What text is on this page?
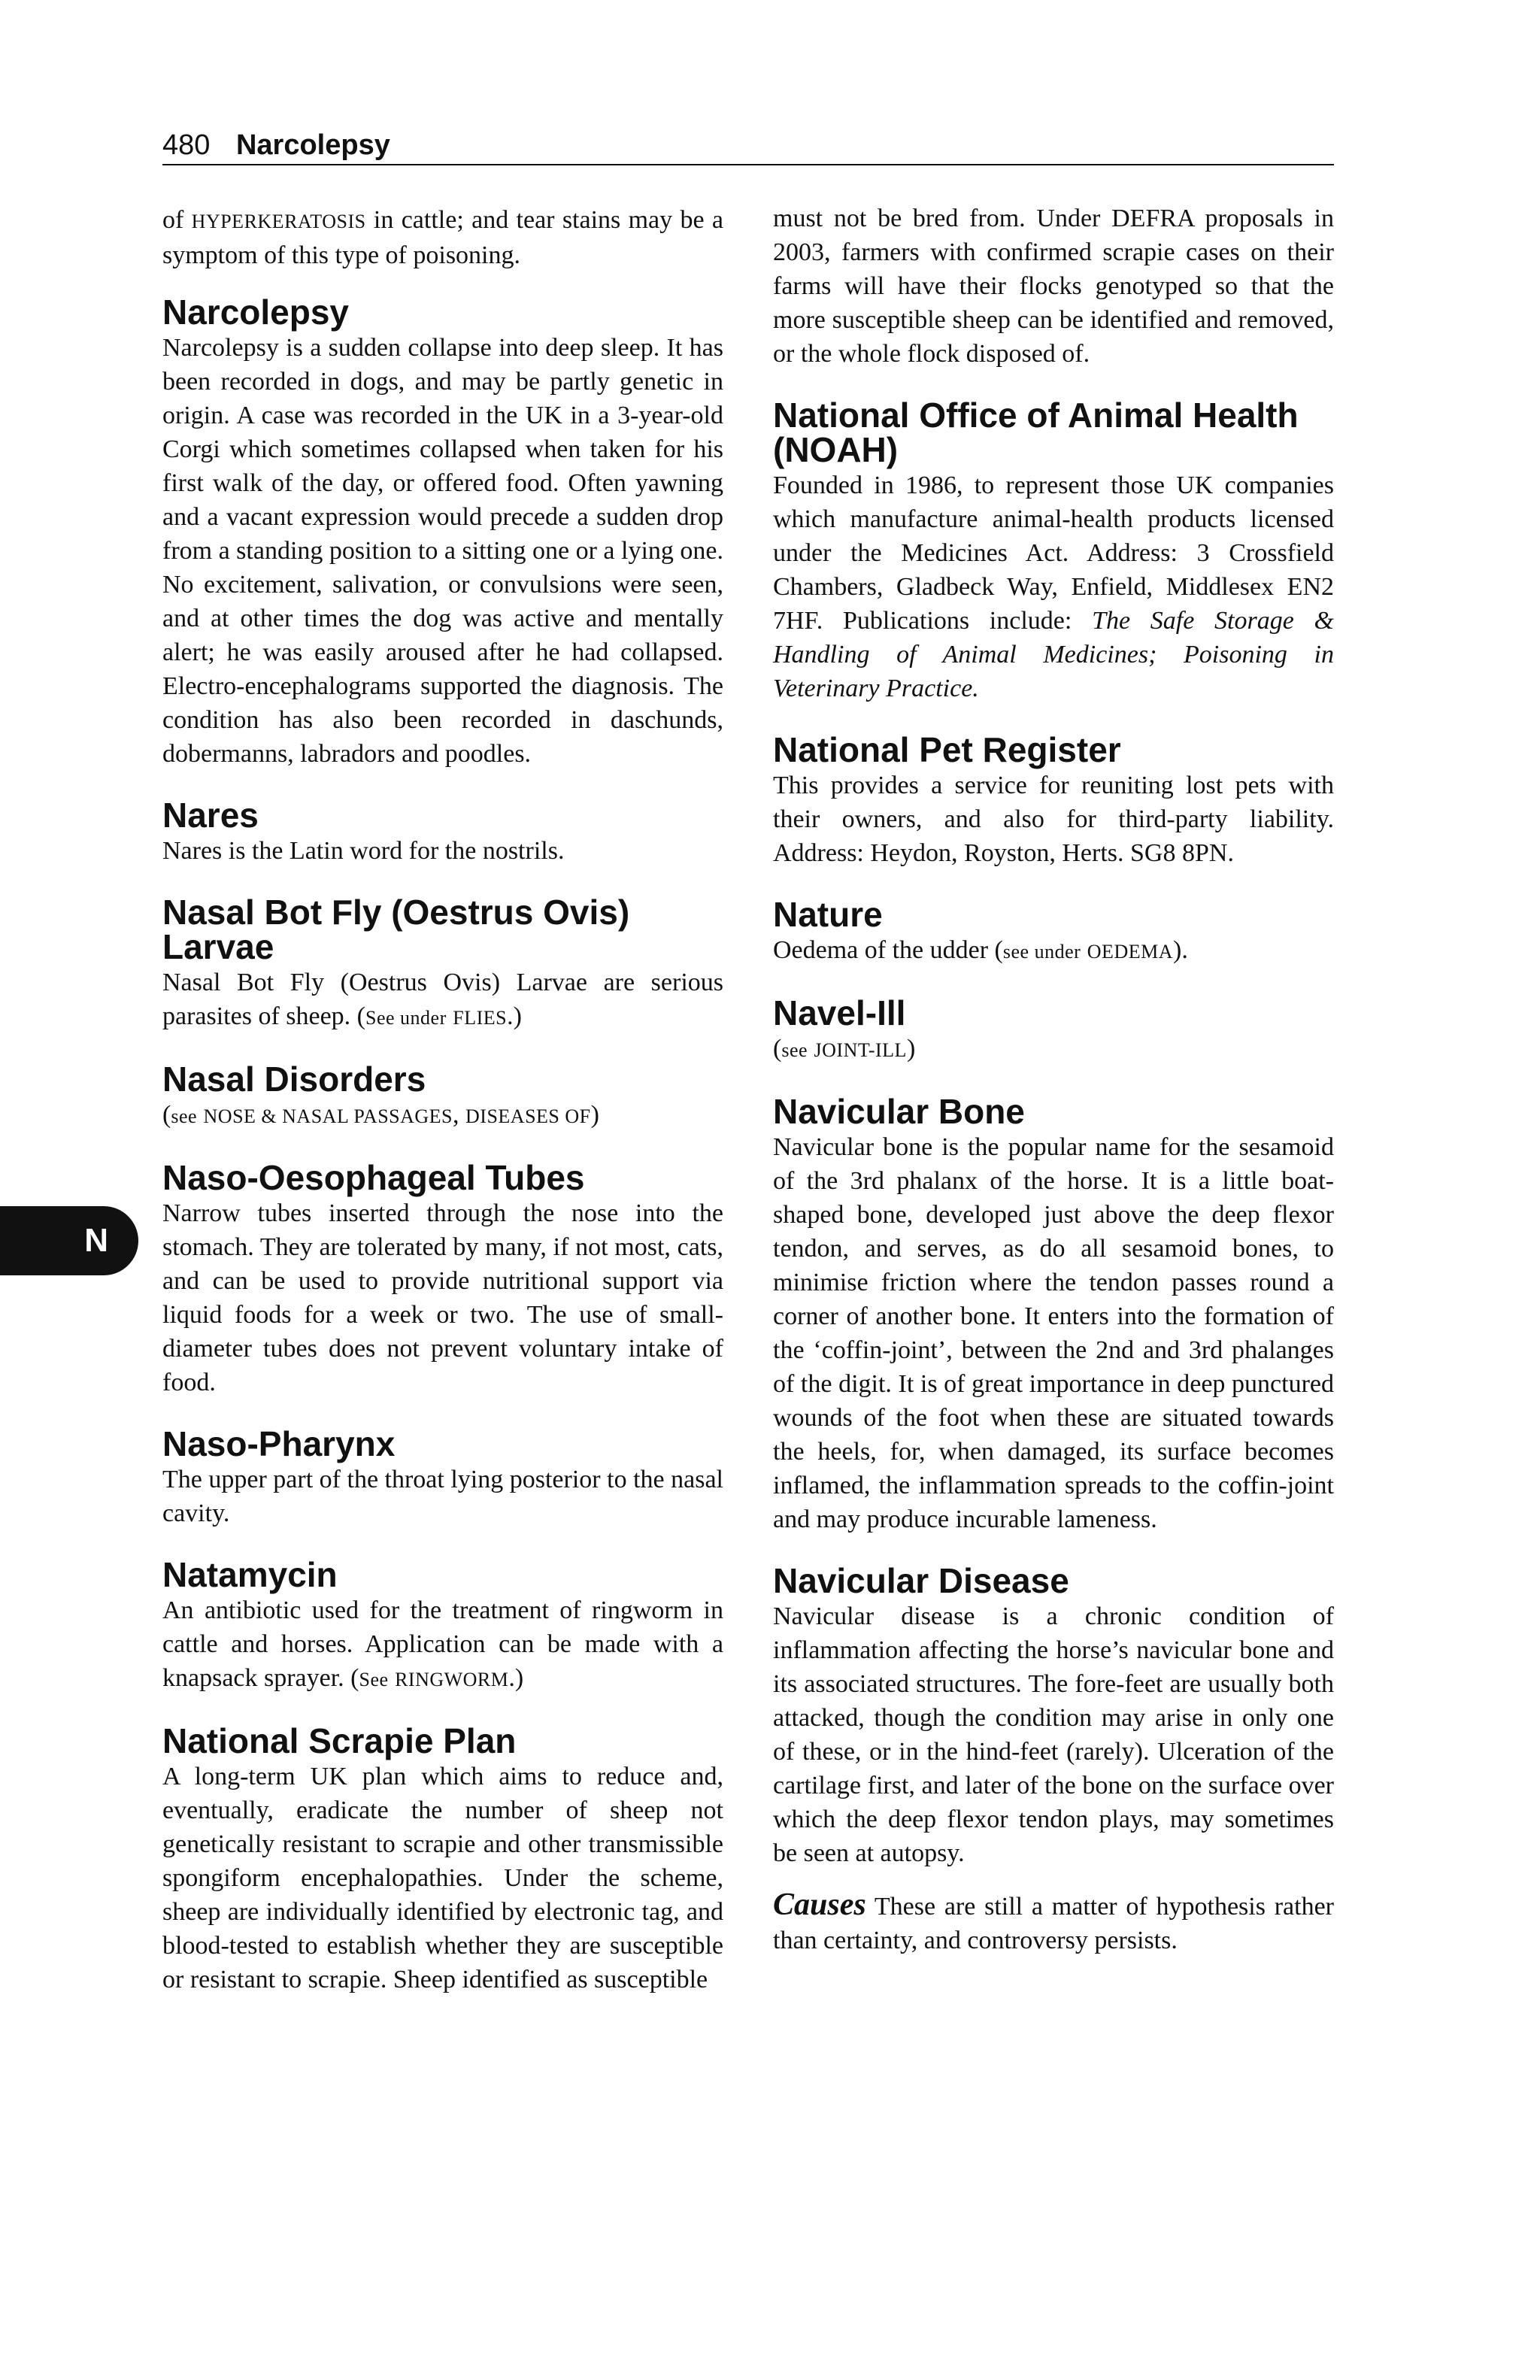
480 Narcolepsy
N

of HYPERKERATOSIS in cattle; and tear stains may be a symptom of this type of poisoning.

Narcolepsy

Narcolepsy is a sudden collapse into deep sleep. It has been recorded in dogs, and may be partly genetic in origin. A case was recorded in the UK in a 3-year-old Corgi which sometimes collapsed when taken for his first walk of the day, or offered food. Often yawning and a vacant expression would precede a sudden drop from a standing position to a sitting one or a lying one. No excitement, salivation, or convulsions were seen, and at other times the dog was active and mentally alert; he was easily aroused after he had collapsed. Electro-encephalograms supported the diagnosis. The condition has also been recorded in daschunds, dobermanns, labradors and poodles.

Nares

Nares is the Latin word for the nostrils.

Nasal Bot Fly (Oestrus Ovis) Larvae

Nasal Bot Fly (Oestrus Ovis) Larvae are serious parasites of sheep. (See under FLIES.)

Nasal Disorders

(see NOSE & NASAL PASSAGES, DISEASES OF)

Naso-Oesophageal Tubes

Narrow tubes inserted through the nose into the stomach. They are tolerated by many, if not most, cats, and can be used to provide nutritional support via liquid foods for a week or two. The use of small-diameter tubes does not prevent voluntary intake of food.

Naso-Pharynx

The upper part of the throat lying posterior to the nasal cavity.

Natamycin

An antibiotic used for the treatment of ringworm in cattle and horses. Application can be made with a knapsack sprayer. (See RINGWORM.)

National Scrapie Plan

A long-term UK plan which aims to reduce and, eventually, eradicate the number of sheep not genetically resistant to scrapie and other transmissible spongiform encephalopathies. Under the scheme, sheep are individually identified by electronic tag, and blood-tested to establish whether they are susceptible or resistant to scrapie. Sheep identified as susceptible

must not be bred from. Under DEFRA proposals in 2003, farmers with confirmed scrapie cases on their farms will have their flocks genotyped so that the more susceptible sheep can be identified and removed, or the whole flock disposed of.

National Office of Animal Health (NOAH)

Founded in 1986, to represent those UK companies which manufacture animal-health products licensed under the Medicines Act. Address: 3 Crossfield Chambers, Gladbeck Way, Enfield, Middlesex EN2 7HF. Publications include: The Safe Storage & Handling of Animal Medicines; Poisoning in Veterinary Practice.

National Pet Register

This provides a service for reuniting lost pets with their owners, and also for third-party liability. Address: Heydon, Royston, Herts. SG8 8PN.

Nature

Oedema of the udder (see under OEDEMA).

Navel-Ill

(see JOINT-ILL)

Navicular Bone

Navicular bone is the popular name for the sesamoid of the 3rd phalanx of the horse. It is a little boat-shaped bone, developed just above the deep flexor tendon, and serves, as do all sesamoid bones, to minimise friction where the tendon passes round a corner of another bone. It enters into the formation of the ‘coffin-joint’, between the 2nd and 3rd phalanges of the digit. It is of great importance in deep punctured wounds of the foot when these are situated towards the heels, for, when damaged, its surface becomes inflamed, the inflammation spreads to the coffin-joint and may produce incurable lameness.

Navicular Disease

Navicular disease is a chronic condition of inflammation affecting the horse’s navicular bone and its associated structures. The fore-feet are usually both attacked, though the condition may arise in only one of these, or in the hind-feet (rarely). Ulceration of the cartilage first, and later of the bone on the surface over which the deep flexor tendon plays, may sometimes be seen at autopsy.

Causes These are still a matter of hypothesis rather than certainty, and controversy persists.
